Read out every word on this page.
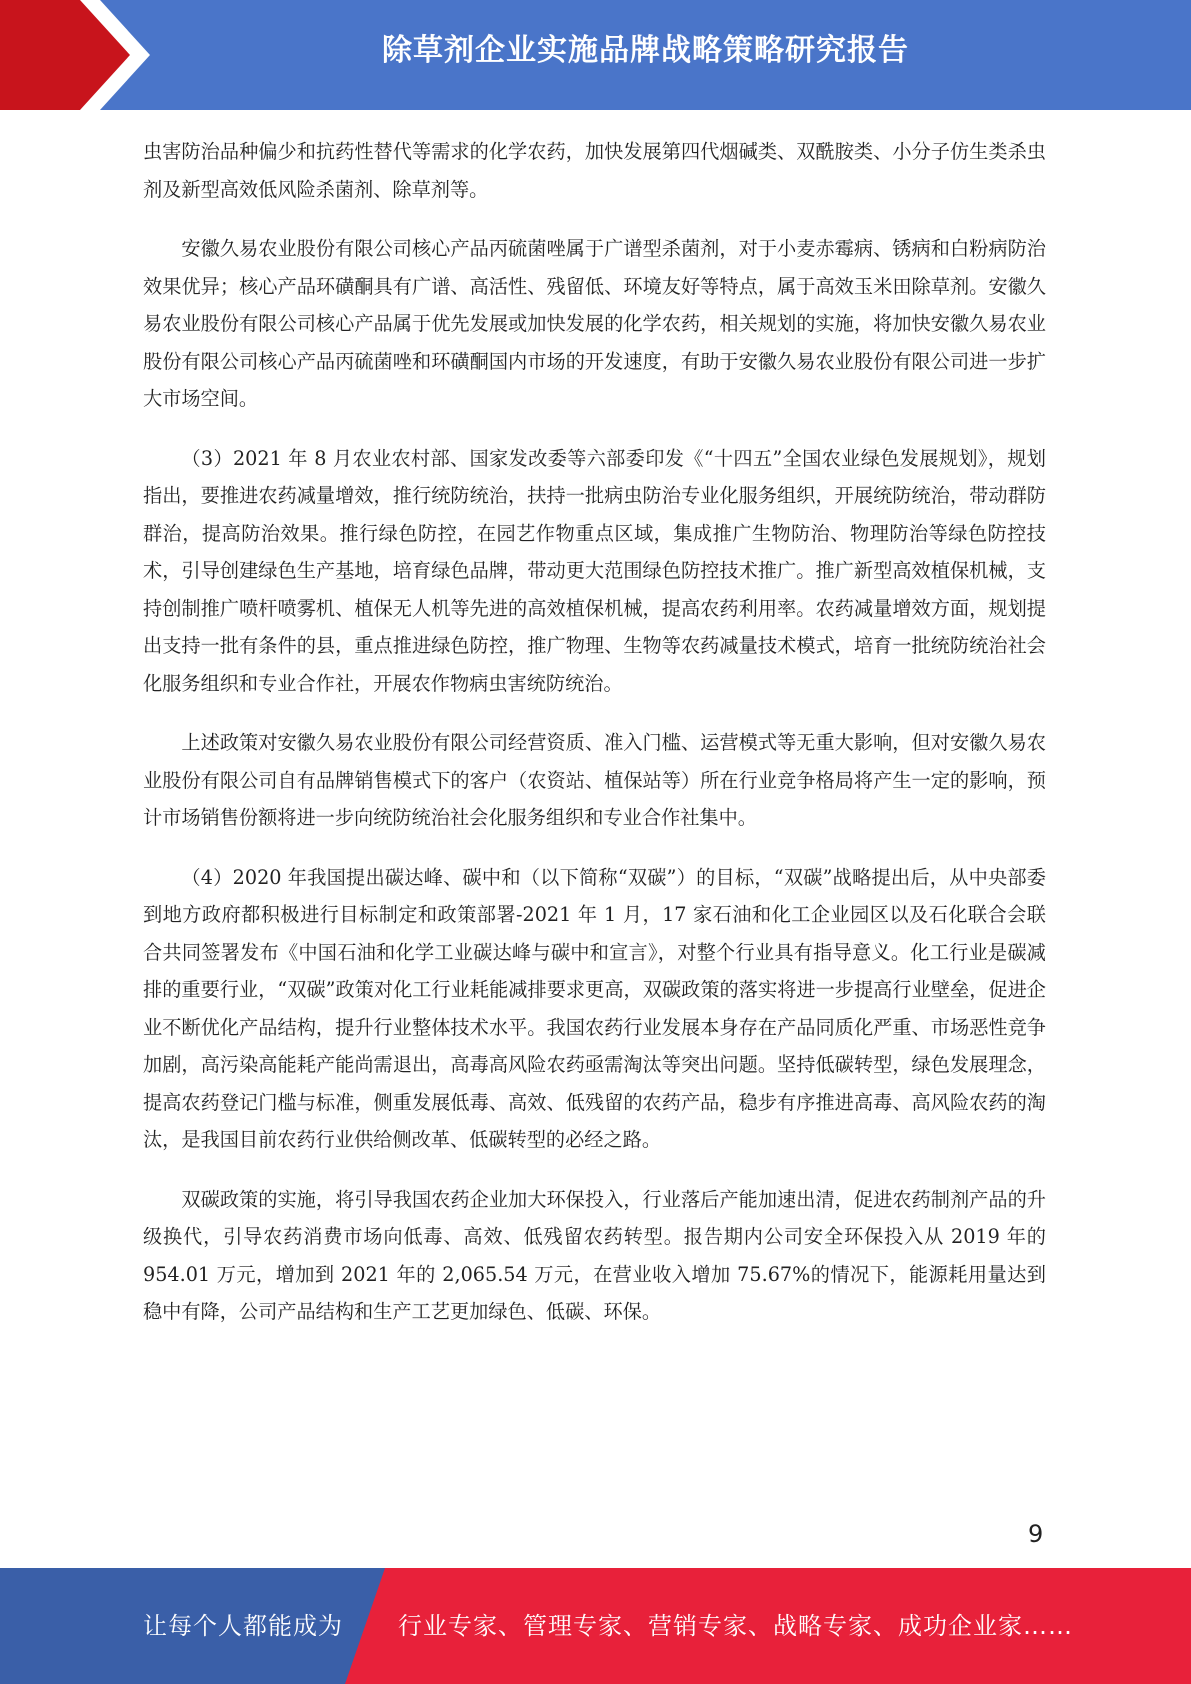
除草剂企业实施品牌战略策略研究报告

虫害防治品种偏少和抗药性替代等需求的化学农药，加快发展第四代烟碱类、双酰胺类、小分子仿生类杀虫剂及新型高效低风险杀菌剂、除草剂等。

安徽久易农业股份有限公司核心产品丙硫菌唑属于广谱型杀菌剂，对于小麦赤霉病、锈病和白粉病防治效果优异；核心产品环磺酮具有广谱、高活性、残留低、环境友好等特点，属于高效玉米田除草剂。安徽久易农业股份有限公司核心产品属于优先发展或加快发展的化学农药，相关规划的实施，将加快安徽久易农业股份有限公司核心产品丙硫菌唑和环磺酮国内市场的开发速度，有助于安徽久易农业股份有限公司进一步扩大市场空间。

（3）2021 年 8 月农业农村部、国家发改委等六部委印发《“十四五”全国农业绿色发展规划》，规划指出，要推进农药减量增效，推行统防统治，扶持一批病虫防治专业化服务组织，开展统防统治，带动群防群治，提高防治效果。推行绿色防控，在园艺作物重点区域，集成推广生物防治、物理防治等绿色防控技术，引导创建绿色生产基地，培育绿色品牌，带动更大范围绿色防控技术推广。推广新型高效植保机械，支持创制推广喷杆喷雾机、植保无人机等先进的高效植保机械，提高农药利用率。农药减量增效方面，规划提出支持一批有条件的县，重点推进绿色防控，推广物理、生物等农药减量技术模式，培育一批统防统治社会化服务组织和专业合作社，开展农作物病虫害统防统治。

上述政策对安徽久易农业股份有限公司经营资质、准入门槛、运营模式等无重大影响，但对安徽久易农业股份有限公司自有品牌销售模式下的客户（农资站、植保站等）所在行业竞争格局将产生一定的影响，预计市场销售份额将进一步向统防统治社会化服务组织和专业合作社集中。

（4）2020 年我国提出碳达峰、碳中和（以下简称“双碳”）的目标，“双碳”战略提出后，从中央部委到地方政府都积极进行目标制定和政策部署-2021 年 1 月，17 家石油和化工企业园区以及石化联合会联合共同签署发布《中国石油和化学工业碳达峰与碳中和宣言》，对整个行业具有指导意义。化工行业是碳减排的重要行业，“双碳”政策对化工行业耗能减排要求更高，双碳政策的落实将进一步提高行业壁垒，促进企业不断优化产品结构，提升行业整体技术水平。我国农药行业发展本身存在产品同质化严重、市场恶性竞争加剧，高污染高能耗产能尚需退出，高毒高风险农药亟需淘汰等突出问题。坚持低碳转型，绿色发展理念，提高农药登记门槛与标准，侧重发展低毒、高效、低残留的农药产品，稳步有序推进高毒、高风险农药的淘汰，是我国目前农药行业供给侧改革、低碳转型的必经之路。

双碳政策的实施，将引导我国农药企业加大环保投入，行业落后产能加速出清，促进农药制剂产品的升级换代，引导农药消费市场向低毒、高效、低残留农药转型。报告期内公司安全环保投入从 2019 年的 954.01 万元，增加到 2021 年的 2,065.54 万元，在营业收入增加 75.67%的情况下，能源耗用量达到稳中有降，公司产品结构和生产工艺更加绿色、低碳、环保。

9
让每个人都能成为 行业专家、管理专家、营销专家、战略专家、成功企业家……
